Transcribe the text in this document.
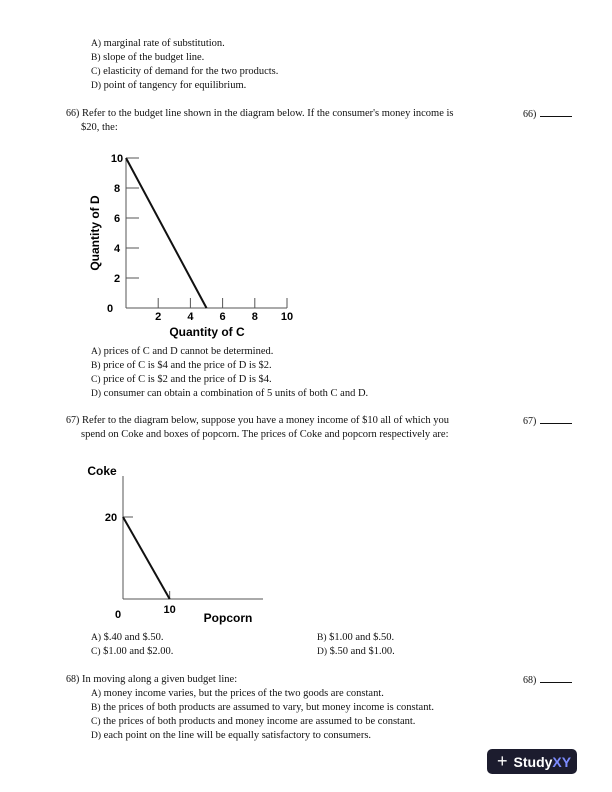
A) marginal rate of substitution.
B) slope of the budget line.
C) elasticity of demand for the two products.
D) point of tangency for equilibrium.
66) Refer to the budget line shown in the diagram below. If the consumer's money income is
$20, the:
66)
2 4 6 8 10
2
4
6
8
10
0
Quantity of C
Quantity of D
A) prices of C and D cannot be determined.
B) price of C is $4 and the price of D is $2.
C) price of C is $2 and the price of D is $4.
D) consumer can obtain a combination of 5 units of both C and D.
67) Refer to the diagram below, suppose you have a money income of $10 all of which you
spend on Coke and boxes of popcorn. The prices of Coke and popcorn respectively are:
67)
10
20
0	Popcorn
Coke
A) $.40 and $.50.	B) $1.00 and $.50.
C) $1.00 and $2.00.	D) $.50 and $1.00.
68) In moving along a given budget line:	68)
A) money income varies, but the prices of the two goods are constant.
B) the prices of both products are assumed to vary, but money income is constant.
C) the prices of both products and money income are assumed to be constant.
D) each point on the line will be equally satisfactory to consumers.
+ StudyXY
